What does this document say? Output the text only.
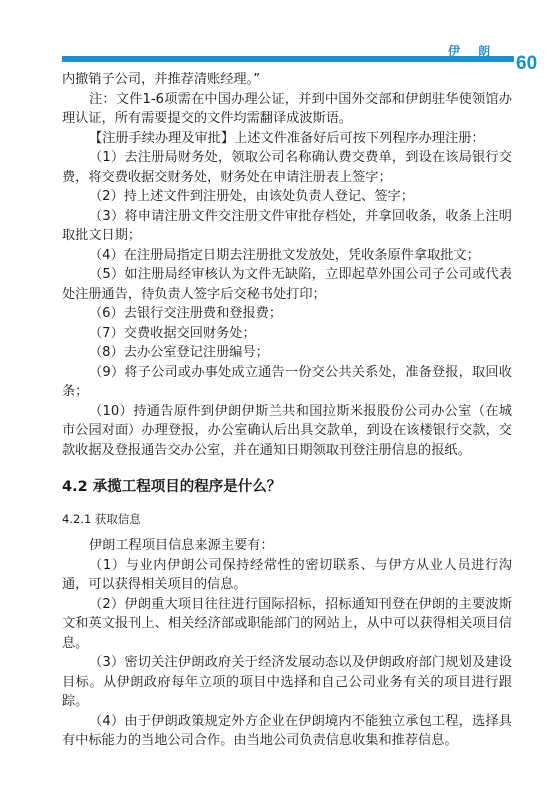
伊 朗
60

内撤销子公司，并推荐清账经理。”

注：文件1-6项需在中国办理公证，并到中国外交部和伊朗驻华使领馆办理认证，所有需要提交的文件均需翻译成波斯语。

【注册手续办理及审批】上述文件准备好后可按下列程序办理注册：

（1）去注册局财务处，领取公司名称确认费交费单，到设在该局银行交费，将交费收据交财务处，财务处在申请注册表上签字；

（2）持上述文件到注册处，由该处负责人登记、签字；

（3）将申请注册文件交注册文件审批存档处，并拿回收条，收条上注明取批文日期；

（4）在注册局指定日期去注册批文发放处，凭收条原件拿取批文；

（5）如注册局经审核认为文件无缺陷，立即起草外国公司子公司或代表处注册通告，待负责人签字后交秘书处打印；

（6）去银行交注册费和登报费；

（7）交费收据交回财务处；

（8）去办公室登记注册编号；

（9）将子公司或办事处成立通告一份交公共关系处，准备登报，取回收条；

（10）持通告原件到伊朗伊斯兰共和国拉斯米报股份公司办公室（在城市公园对面）办理登报，办公室确认后出具交款单，到设在该楼银行交款，交款收据及登报通告交办公室，并在通知日期领取刊登注册信息的报纸。

4.2 承揽工程项目的程序是什么？
4.2.1 获取信息

伊朗工程项目信息来源主要有：

（1）与业内伊朗公司保持经常性的密切联系、与伊方从业人员进行沟通，可以获得相关项目的信息。

（2）伊朗重大项目往往进行国际招标，招标通知刊登在伊朗的主要波斯文和英文报刊上、相关经济部或职能部门的网站上，从中可以获得相关项目信息。

（3）密切关注伊朗政府关于经济发展动态以及伊朗政府部门规划及建设目标。从伊朗政府每年立项的项目中选择和自己公司业务有关的项目进行跟踪。

（4）由于伊朗政策规定外方企业在伊朗境内不能独立承包工程，选择具有中标能力的当地公司合作。由当地公司负责信息收集和推荐信息。
